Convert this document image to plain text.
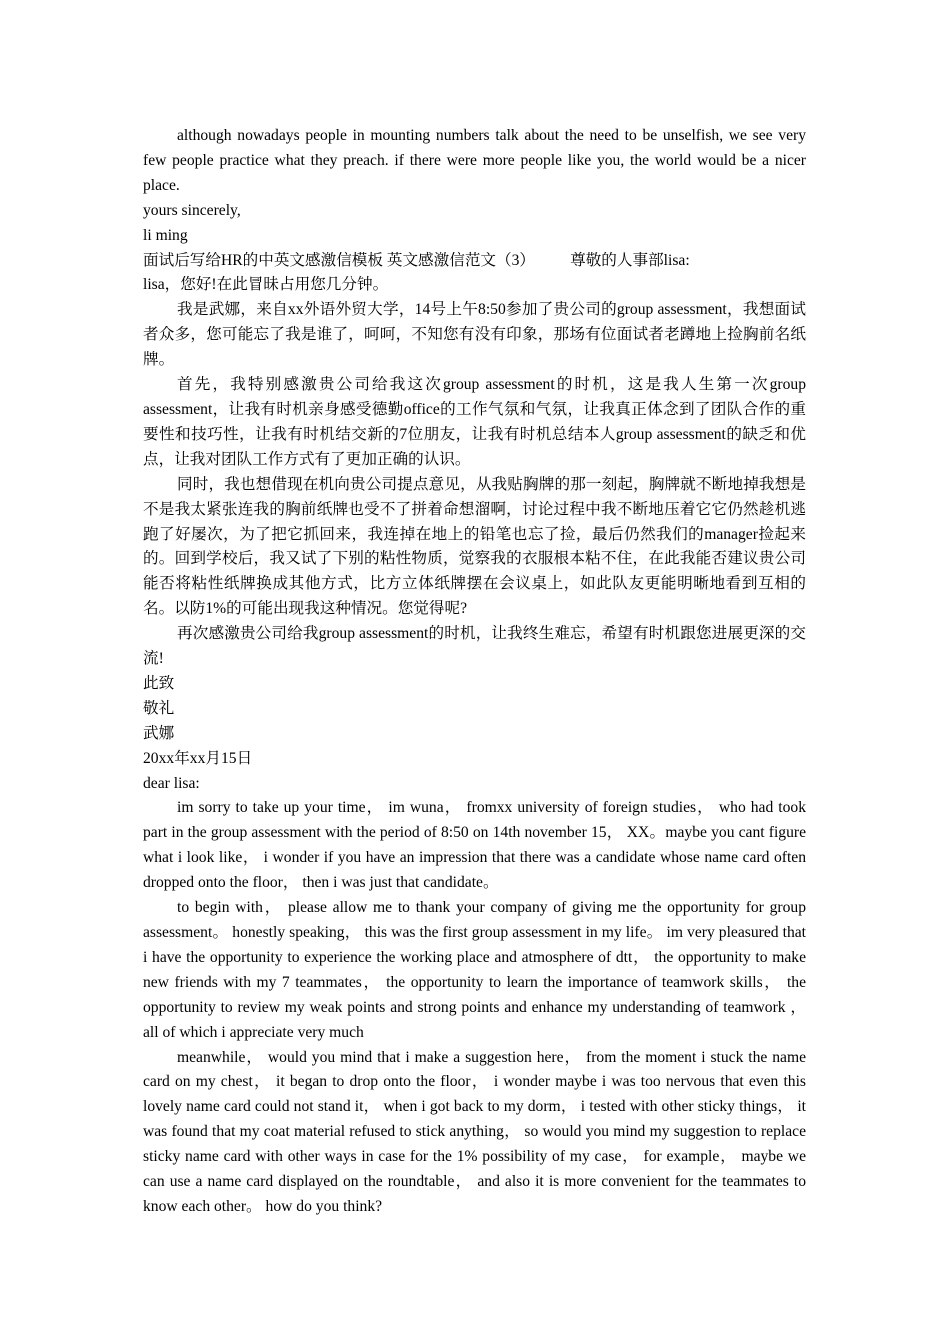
although nowadays people in mounting numbers talk about the need to be unselfish, we see very few people practice what they preach. if there were more people like you, the world would be a nicer place.

yours sincerely,

li ming

面试后写给HR的中英文感激信模板 英文感激信范文（3）         尊敬的人事部lisa:

lisa，您好!在此冒昧占用您几分钟。

我是武娜，来自xx外语外贸大学，14号上午8:50参加了贵公司的group assessment，我想面试者众多，您可能忘了我是谁了，呵呵，不知您有没有印象，那场有位面试者老蹲地上捡胸前名纸牌。

首先，我特别感激贵公司给我这次group assessment的时机，这是我人生第一次group assessment，让我有时机亲身感受德勤office的工作气氛和气氛，让我真正体念到了团队合作的重要性和技巧性，让我有时机结交新的7位朋友，让我有时机总结本人group assessment的缺乏和优点，让我对团队工作方式有了更加正确的认识。

同时，我也想借现在机向贵公司提点意见，从我贴胸牌的那一刻起，胸牌就不断地掉我想是不是我太紧张连我的胸前纸牌也受不了拼着命想溜啊，讨论过程中我不断地压着它它仍然趁机逃跑了好屡次，为了把它抓回来，我连掉在地上的铅笔也忘了捡，最后仍然我们的manager捡起来的。回到学校后，我又试了下别的粘性物质，觉察我的衣服根本粘不住，在此我能否建议贵公司能否将粘性纸牌换成其他方式，比方立体纸牌摆在会议桌上，如此队友更能明晰地看到互相的名。以防1%的可能出现我这种情况。您觉得呢?

再次感激贵公司给我group assessment的时机，让我终生难忘，希望有时机跟您进展更深的交流!

此致

敬礼

武娜

20xx年xx月15日

dear lisa:

im sorry to take up your time， im wuna， fromxx university of foreign studies， who had took part in the group assessment with the period of 8:50 on 14th november 15， XX。maybe you cant figure what i look like， i wonder if you have an impression that there was a candidate whose name card often dropped onto the floor， then i was just that candidate。

to begin with， please allow me to thank your company of giving me the opportunity for group assessment。 honestly speaking， this was the first group assessment in my life。 im very pleasured that i have the opportunity to experience the working place and atmosphere of dtt， the opportunity to make new friends with my 7 teammates， the opportunity to learn the importance of teamwork skills， the opportunity to review my weak points and strong points and enhance my understanding of teamwork ， all of which i appreciate very much

meanwhile， would you mind that i make a suggestion here， from the moment i stuck the name card on my chest， it began to drop onto the floor， i wonder maybe i was too nervous that even this lovely name card could not stand it， when i got back to my dorm， i tested with other sticky things， it was found that my coat material refused to stick anything， so would you mind my suggestion to replace sticky name card with other ways in case for the 1% possibility of my case， for example， maybe we can use a name card displayed on the roundtable， and also it is more convenient for the teammates to know each other。 how do you think?
